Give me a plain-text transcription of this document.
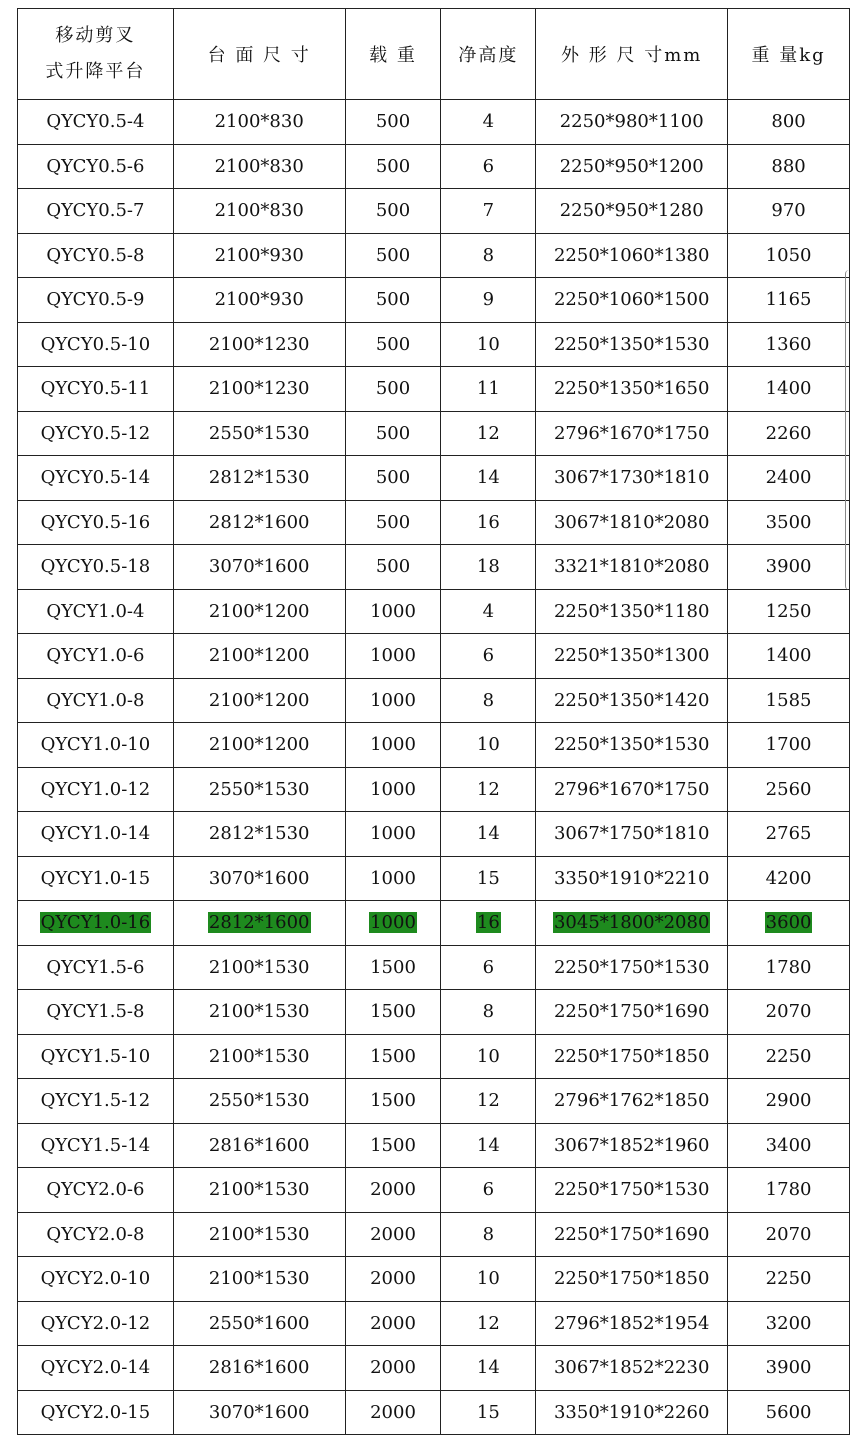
移动剪叉
式升降平台	台 面 尺 寸	载 重	净高度	外 形 尺 寸mm	重 量kg
QYCY0.5-4	2100*830	500	4	2250*980*1100	800
QYCY0.5-6	2100*830	500	6	2250*950*1200	880
QYCY0.5-7	2100*830	500	7	2250*950*1280	970
QYCY0.5-8	2100*930	500	8	2250*1060*1380	1050
QYCY0.5-9	2100*930	500	9	2250*1060*1500	1165
QYCY0.5-10	2100*1230	500	10	2250*1350*1530	1360
QYCY0.5-11	2100*1230	500	11	2250*1350*1650	1400
QYCY0.5-12	2550*1530	500	12	2796*1670*1750	2260
QYCY0.5-14	2812*1530	500	14	3067*1730*1810	2400
QYCY0.5-16	2812*1600	500	16	3067*1810*2080	3500
QYCY0.5-18	3070*1600	500	18	3321*1810*2080	3900
QYCY1.0-4	2100*1200	1000	4	2250*1350*1180	1250
QYCY1.0-6	2100*1200	1000	6	2250*1350*1300	1400
QYCY1.0-8	2100*1200	1000	8	2250*1350*1420	1585
QYCY1.0-10	2100*1200	1000	10	2250*1350*1530	1700
QYCY1.0-12	2550*1530	1000	12	2796*1670*1750	2560
QYCY1.0-14	2812*1530	1000	14	3067*1750*1810	2765
QYCY1.0-15	3070*1600	1000	15	3350*1910*2210	4200
QYCY1.0-16	2812*1600	1000	16	3045*1800*2080	3600
QYCY1.5-6	2100*1530	1500	6	2250*1750*1530	1780
QYCY1.5-8	2100*1530	1500	8	2250*1750*1690	2070
QYCY1.5-10	2100*1530	1500	10	2250*1750*1850	2250
QYCY1.5-12	2550*1530	1500	12	2796*1762*1850	2900
QYCY1.5-14	2816*1600	1500	14	3067*1852*1960	3400
QYCY2.0-6	2100*1530	2000	6	2250*1750*1530	1780
QYCY2.0-8	2100*1530	2000	8	2250*1750*1690	2070
QYCY2.0-10	2100*1530	2000	10	2250*1750*1850	2250
QYCY2.0-12	2550*1600	2000	12	2796*1852*1954	3200
QYCY2.0-14	2816*1600	2000	14	3067*1852*2230	3900
QYCY2.0-15	3070*1600	2000	15	3350*1910*2260	5600
